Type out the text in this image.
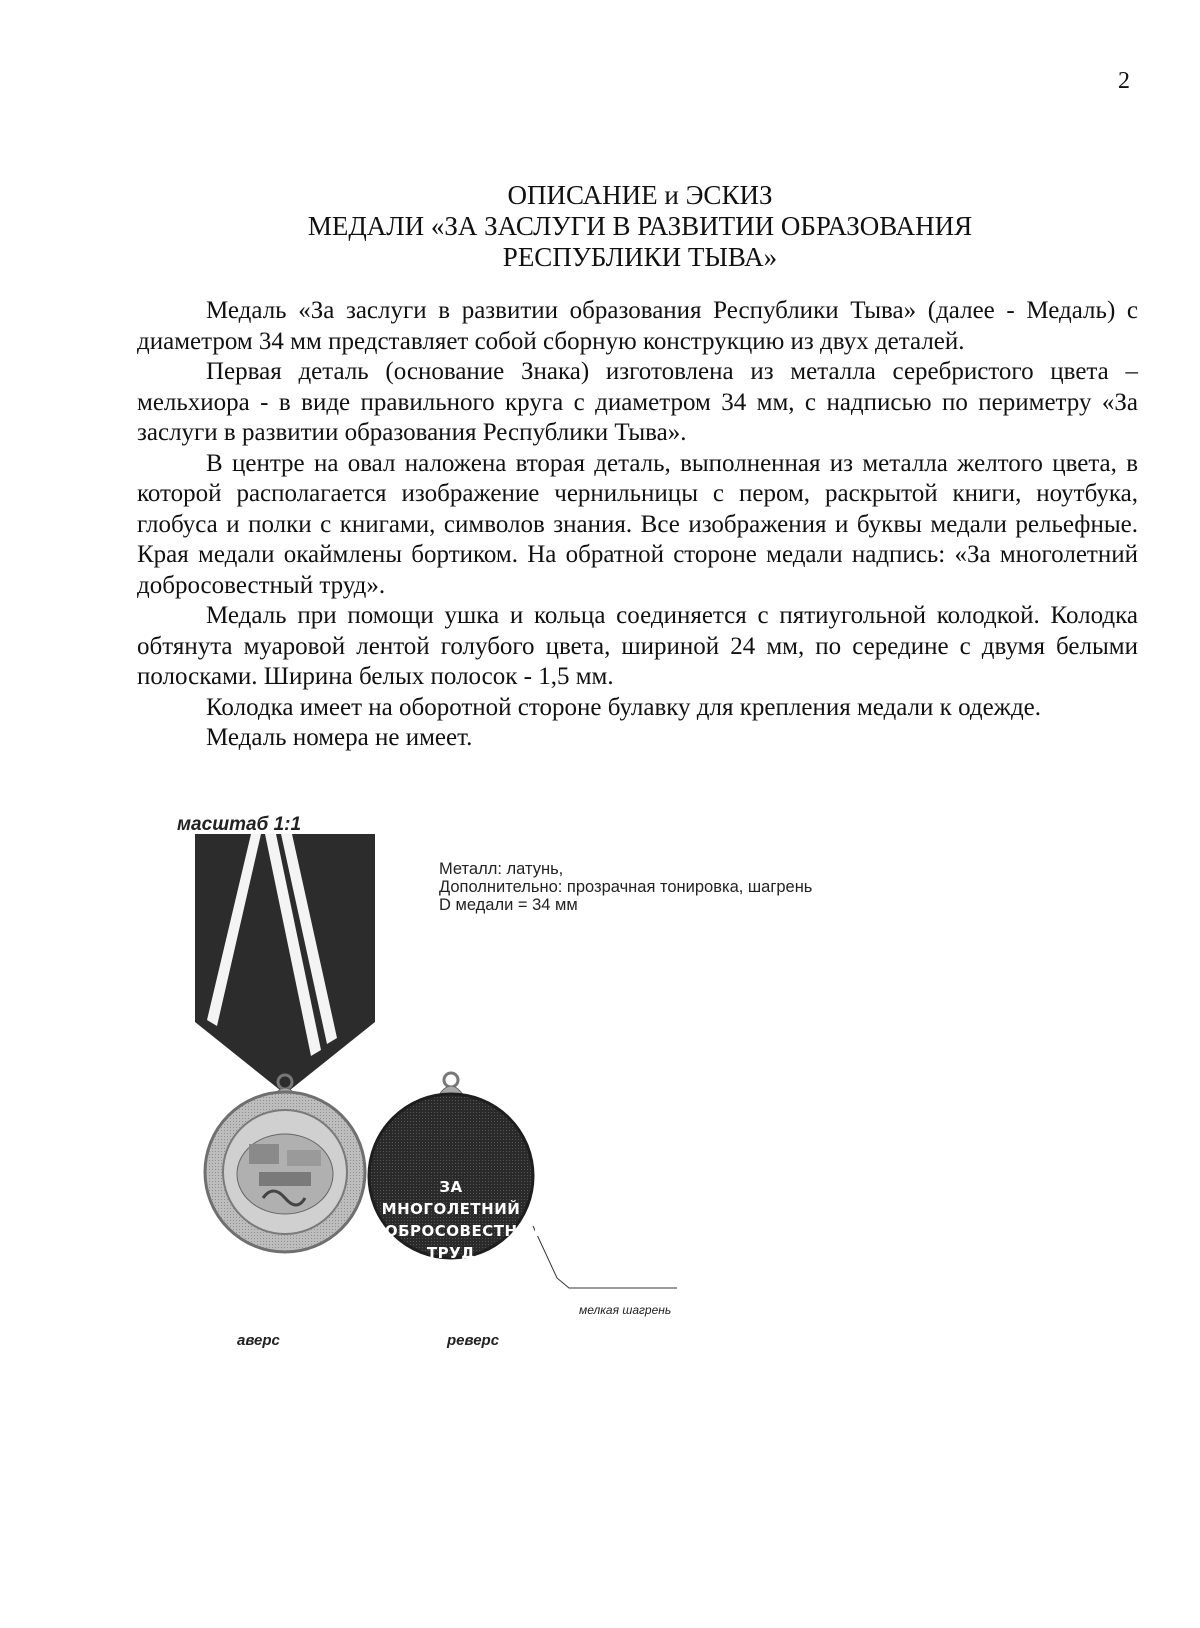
2
ОПИСАНИЕ и ЭСКИЗ
МЕДАЛИ «ЗА ЗАСЛУГИ В РАЗВИТИИ ОБРАЗОВАНИЯ
РЕСПУБЛИКИ ТЫВА»

Медаль «За заслуги в развитии образования Республики Тыва» (далее - Медаль) с диаметром 34 мм представляет собой сборную конструкцию из двух деталей.

Первая деталь (основание Знака) изготовлена из металла серебристого цвета – мельхиора - в виде правильного круга с диаметром 34 мм, с надписью по периметру «За заслуги в развитии образования Республики Тыва».

В центре на овал наложена вторая деталь, выполненная из металла желтого цвета, в которой располагается изображение чернильницы с пером, раскрытой книги, ноутбука, глобуса и полки с книгами, символов знания. Все изображения и буквы медали рельефные. Края медали окаймлены бортиком. На обратной стороне медали надпись: «За многолетний добросовестный труд».

Медаль при помощи ушка и кольца соединяется с пятиугольной колодкой. Колодка обтянута муаровой лентой голубого цвета, шириной 24 мм, по середине с двумя белыми полосками. Ширина белых полосок - 1,5 мм.

Колодка имеет на оборотной стороне булавку для крепления медали к одежде.

Медаль номера не имеет.

масштаб 1:1
Металл: латунь,
Дополнительно: прозрачная тонировка, шагрень
D медали = 34 мм
ЗА МНОГОЛЕТНИЙ
ДОБРОСОВЕСТНЫЙ
ТРУД
аверс	реверс
мелкая шагрень
